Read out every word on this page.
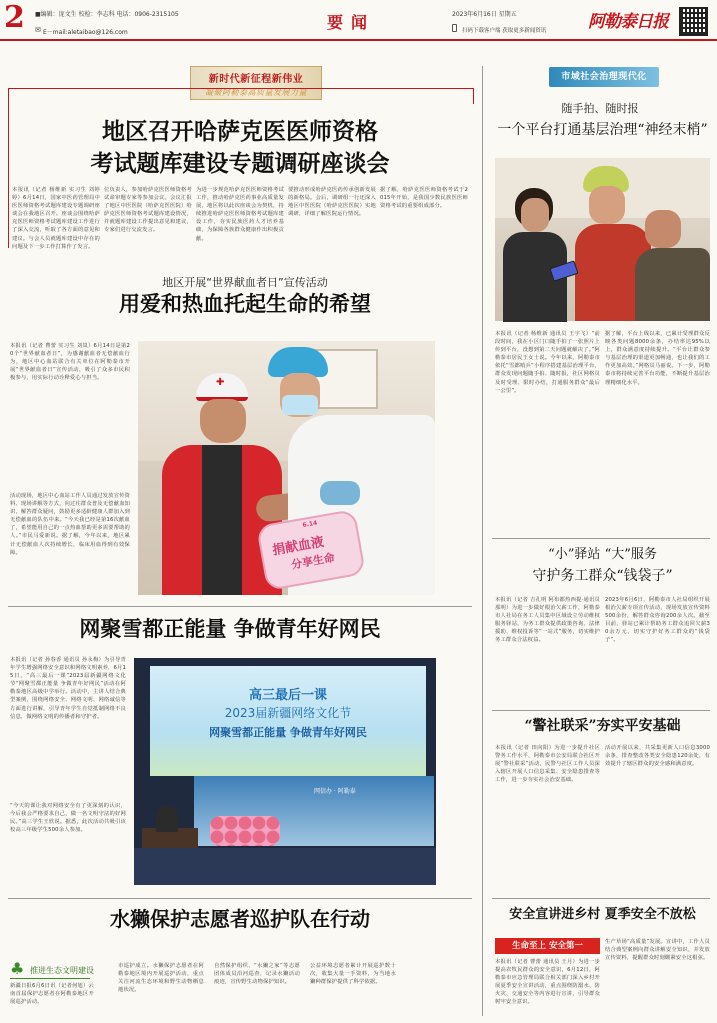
2 ■编辑：庞文生 校检：李志科 电话：0906-2315105
✉ E－mail:aletaibao@126.com
要闻	2023年6月16日 星期五
扫码下载客户端 获取更多新闻资讯 阿勒泰日报
新时代新征程新伟业
凝聚阿勒泰高质量发展力量
地区召开哈萨克医医师资格
考试题库建设专题调研座谈会
本报讯（记者 杨维新 实习生 刘婷婷）6月14日，国家中医药管理局中医医师资格考试题库建设专题调研座谈会在我地区召开。座谈会围绕哈萨克医医师资格考试题库建设工作进行了深入交流，听取了各方面的意见和建议。与会人员就题库建设中存在的问题及下一步工作打算作了发言。
位负责人，参加哈萨克医医师资格考试命审题专家等参加会议。会议汇报了地区中医医院（哈萨克医医院）哈萨克医医师资格考试题库建设情况，并就题库建设工作提出意见和建议，专家们进行交流发言。
为进一步规范哈萨克医医师资格考试工作，推动哈萨克医药事业高质量发展，地区将以此次座谈会为契机，持续推进哈萨克医医师资格考试题库建设工作，夯实民族医药人才培养基础，为保障各族群众健康作出积极贡献。
要推动形成哈萨克医药传承创新发展的新格局。会后，调研组一行还深入地区中医医院（哈萨克医医院）实地调研，详细了解医院运行情况。
据了解，哈萨克医医师资格考试于2015年开始，是我国少数民族医医师资格考试的重要组成部分。
地区开展“世界献血者日”宣传活动
用爱和热血托起生命的希望
本报讯（记者 曹蕾 实习生 刘岚）6月14日是第20个“世界献血者日”，为感谢献血者无偿献血行为，地区中心血站联合有关单位在阿勒泰市开展“世界献血者日”宣传活动，吸引了众多市民积极参与，用实际行动诠释爱心与担当。
活动现场，地区中心血站工作人员通过发放宣传资料、现场讲解等方式，向过往群众普及无偿献血知识，解答群众疑问，鼓励更多适龄健康人群加入到无偿献血的队伍中来。“今天我已经是第16次献血了，希望能用自己的一点热血帮助更多需要帮助的人。”市民马爱新说。据了解，今年以来，地区累计无偿献血人次持续增长，临床用血得到有效保障。
✚
6.14
捐献血液
分享生命
网聚雪都正能量 争做青年好网民
本报讯（记者 孙春香 通讯员 孙永梅）为引导青年学生增强网络安全意识和网络文明素养，6月15日，“高三最后一课”2023届新疆网络文化节“网聚雪都正能量 争做青年好网民”活动在阿勒泰地区高级中学举行。活动中，主讲人结合典型案例，围绕网络安全、网络文明、网络诚信等方面进行讲解，引导青年学生自觉抵制网络不良信息，做网络文明的传播者和守护者。
“今天的课让我对网络安全有了更深刻的认识，今后我会严格要求自己，做一名文明守法的好网民。”高三学生王欣说。据悉，此次活动共吸引该校高三年级学生500余人参加。
高三最后一课
2023届新疆网络文化节
网聚雪都正能量 争做青年好网民
网信办 · 阿勒泰
水獭保护志愿者巡护队在行动
♣ 推进生态文明建设
新疆日报6月6日讯（记者何旭）云南首届保护志愿者在阿勒泰地区开展巡护活动。
市巡护成立。水獭保护志愿者在阿勒泰地区境内开展巡护活动，重点关注河流生态环境和野生动物栖息地状况。
自然保护组织、“水獭之家”等志愿团体成员沿河巡查，记录水獭活动痕迹，宣传野生动物保护知识。
公益环境志愿者累计开展巡护数十次，收集大量一手资料，为当地水獭种群保护提供了科学依据。
市域社会治理现代化
随手拍、随时报
一个平台打通基层治理“神经末梢”
本报讯（记者 杨维新 通讯员 王宇飞）“前段时间，我在小区门口随手拍了一张照片上传到平台，没想到第二天问题就解决了。”阿勒泰市居民王女士说。今年以来，阿勒泰市依托“雪都哨兵”小程序搭建基层治理平台，群众发现问题随手拍、随时报，社区网格员及时受理、限时办结，打通服务群众“最后一公里”。
据了解，平台上线以来，已累计受理群众反映各类问题8000余条，办结率达95%以上，群众满意度持续提升。“平台让群众参与基层治理的渠道更加畅通，也让我们的工作更加高效。”网格员马丽说。下一步，阿勒泰市将持续完善平台功能，不断提升基层治理精细化水平。
“小”驿站 “大”服务
守护务工群众“钱袋子”
本报讯（记者 吉孔明 阿布都热西提·通讯员 那明）为进一步做好根治欠薪工作，阿勒泰市人社局在务工人员集中区域设立劳动维权服务驿站，为务工群众提供政策咨询、法律援助、维权投诉等“一站式”服务，切实维护务工群众合法权益。
2023年6月6日，阿勒泰市人社局组织开展根治欠薪专项宣传活动，现场发放宣传资料500余份，解答群众咨询200余人次。截至目前，驿站已累计帮助务工群众追回欠薪30余万元，切实守护好务工群众的“钱袋子”。
“警社联采”夯实平安基础
本报讯（记者 田向阳）为进一步提升社区警务工作水平，阿勒泰市公安局联合社区开展“警社联采”活动，民警与社区工作人员深入辖区开展人口信息采集、安全隐患排查等工作，进一步夯实社会治安基础。
活动开展以来，共采集更新人口信息3000余条，排查整改各类安全隐患120余处，有效提升了辖区群众的安全感和满意度。
安全宣讲进乡村 夏季安全不放松
生命至上 安全第一
本报讯（记者 曹蕾 通讯员 王月）为进一步提高农牧民群众的安全意识，6月12日，阿勒泰市应急管理局联合相关部门深入乡村开展夏季安全宣讲活动，重点围绕防溺水、防火灾、交通安全等内容进行宣讲，引导群众树牢安全意识。
生产草场“高质量”发展。宣讲中，工作人员结合典型案例向群众讲解安全知识，并发放宣传资料，提醒群众时刻绷紧安全这根弦。
